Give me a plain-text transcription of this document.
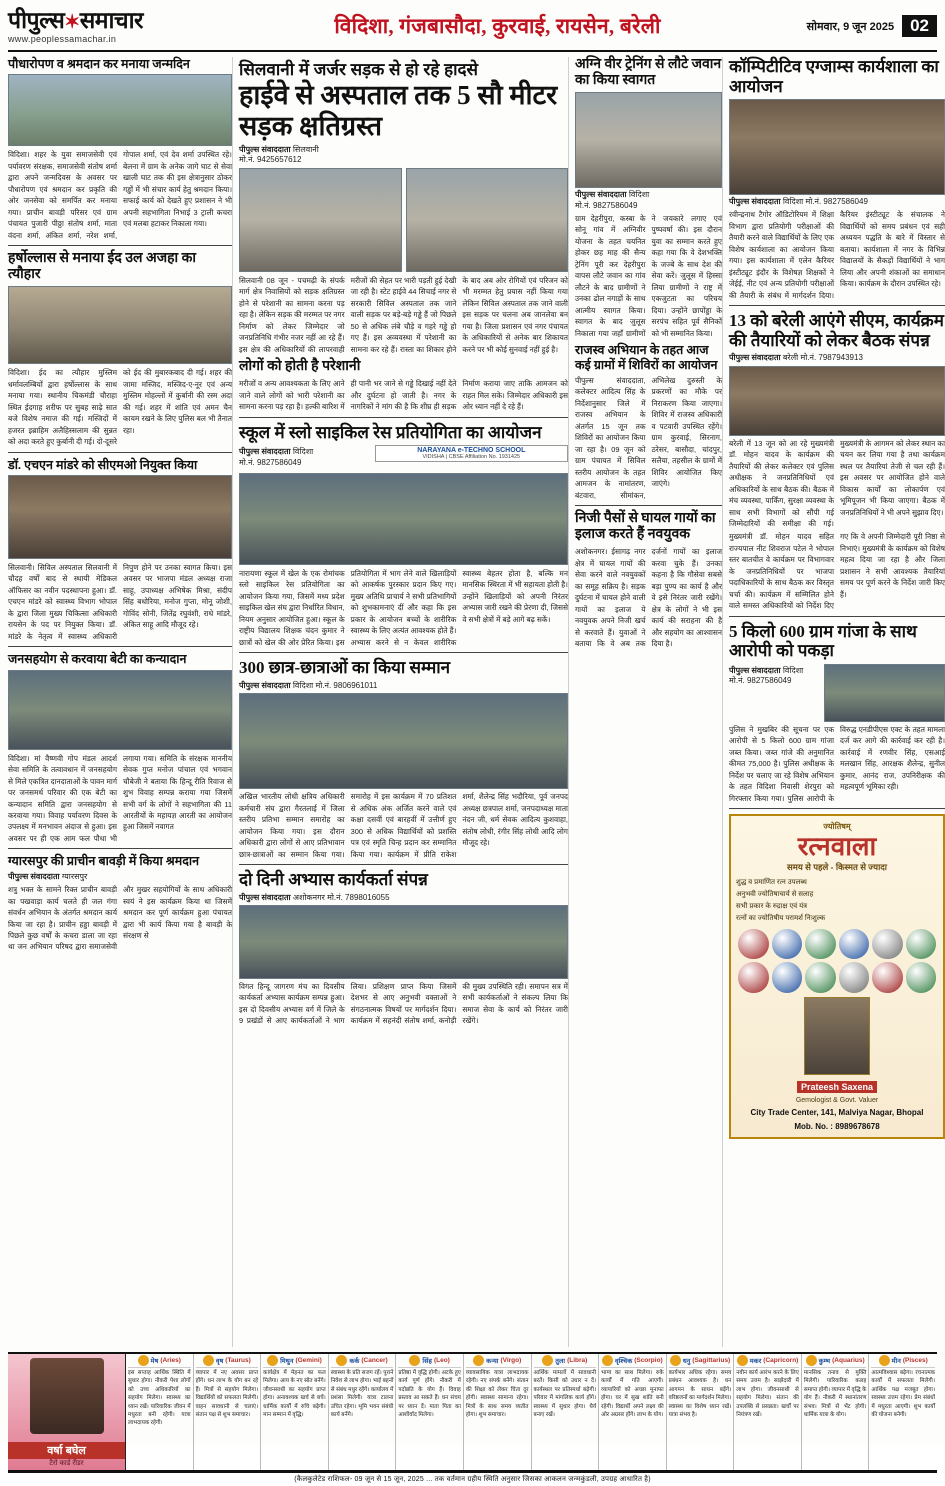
पीपुल्स✶समाचार
www.peoplessamachar.in
विदिशा, गंजबासौदा, कुरवाई, रायसेन, बरेली	सोमवार, 9 जून 2025 02
पौधारोपण व श्रमदान कर मनाया जन्मदिन
विदिशा। शहर के युवा समाजसेवी एवं पर्यावरण संरक्षक, समाजसेवी संतोष शर्मा द्वारा अपने जन्मदिवस के अवसर पर पौधारोपण एवं श्रमदान कर प्रकृति की ओर जनसेवा को समर्पित कर मनाया गया। प्राचीन बावड़ी परिसर एवं ग्राम पंचायत पुजारी पीठ्ठा संतोष शर्मा, माता वंदना शर्मा, अंकित शर्मा, नरेश शर्मा, गोपाल शर्मा, एवं देव शर्मा उपस्थित रहे। बेलना में ग्राम के अनेक जागे घाट से सेवा खाली घाट तक की इस क्षेत्रानुसार ठोकर गड्ढों में भी संचार कार्य हेतु श्रमदान किया। सफाई कार्य को देखते हुए प्रशासन ने भी अपनी सहभागिता निभाई 3 ट्राली कचरा एवं मलबा हटाकर निकाला गया।
हर्षोल्लास से मनाया ईद उल अजहा का त्यौहार
विदिशा। ईद का त्यौहार मुस्लिम धर्मावलम्बियों द्वारा हर्षोल्लास के साथ मनाया गया। स्थानीय चिकमंडी चौराहा स्थित ईदगाह शरीफ पर सुबह साढ़े सात बजे विशेष नमाज की गई। मस्जिदों में हजरत इब्राहिम अलैहिस्सलाम की सुन्नत को अदा करते हुए कुर्बानी दी गई। दो-दूसरे को ईद की मुबारकबाद दी गई। शहर की जामा मस्जिद, मस्जिद-ए-नूर एवं अन्य मुस्लिम मोहल्लों में कुर्बानी की रस्म अदा की गई। शहर में शांति एवं अमन चैन कायम रखने के लिए पुलिस बल भी तैनात रहा।
डॉ. एचएन मांडरे को सीएमओ नियुक्त किया
सिलवानी। सिविल अस्पताल सिलवानी में चौदह वर्षों बाद से स्थायी मेडिकल ऑफिसर का नवीन पदस्थापना हुआ। डॉ. एचएन मांडरे को स्वास्थ्य विभाग भोपाल के द्वारा जिला मुख्य चिकित्सा अधिकारी रायसेन के पद पर नियुक्त किया। डॉ. मांडरे के नेतृत्व में स्वास्थ्य अधिकारी निपुण होने पर उनका स्वागत किया। इस अवसर पर भाजपा मंडल अध्यक्ष राजा साहू, उपाध्यक्ष अभिषेक मिश्रा, संदीप सिंह बधोरिया, मनोज गुप्ता, मोनू जोशी, गोविंद सोनी, जितेंद्र रघुवंशी, राधे मांडरे, अंकित साहू आदि मौजूद रहे।
जनसहयोग से करवाया बेटी का कन्यादान
विदिशा। मां वैष्णवी गोप मंडल आदर्श सेवा समिति के तत्वावधान में जनसहयोग से मिले एकत्रित दानदाताओं के पावन मार्ग पर जनसमर्थ परिवार की एक बेटी का कन्यादान समिति द्वारा जनसहयोग से करवाया गया। विवाह पर्यावरण दिवस के उपलक्ष्य में मनभावन अंदाज से हुआ। इस अवसर पर ही एक आम फल पौधा भी लगाया गया। समिति के संरक्षक माननीय सेवक गुप्त मनोज पांचाल एवं भगवान चौबेजी ने बताया कि हिन्दू रीति रिवाज से शुभ विवाह सम्पन्न कराया गया जिसमें सभी वर्ग के लोगों ने सहभागिता की 11 आरतीयों के महायज्ञ आरती का आयोजन हुआ जिसमें नवागत
ग्यारसपुर की प्राचीन बावड़ी में किया श्रमदान
पीपुल्स संवाददाता ग्यारसपुर
शत्रु भक्त के सामने रिक्त प्राचीन बावड़ी का पखवाड़ा कार्य चलते ही जल गंगा संवर्धन अभियान के अंतर्गत श्रमदान कार्य किया जा रहा है। प्राचीन हड्डा बावड़ी में पिछले कुछ वर्षों के कचरा डाला जा रहा था जन अभियान परिषद द्वारा समाजसेवी और मुखर सहयोगियों के साथ अधिकारी स्वयं ने इस कार्यक्रम किया था जिसमें श्रमदान कर पूर्ण कार्यक्रम हुआ पंचायत द्वारा भी कार्य किया गया है बावड़ी के संरक्षण से
सिलवानी में जर्जर सड़क से हो रहे हादसे
हाईवे से अस्पताल तक 5 सौ मीटर सड़क क्षतिग्रस्त
पीपुल्स संवाददाता सिलवानी
मो.नं. 9425657612
सिलवानी 08 जून - पचमढ़ी के संपर्क मार्ग क्षेत्र निवासियों को सड़क क्षतिग्रस्त होने से परेशानी का सामना करना पड़ रहा है। लेकिन सड़क की मरम्मत पर नगर निर्माण को लेकर जिम्मेदार जो जनप्रतिनिधि गंभीर नजर नहीं आ रहे हैं। इस क्षेत्र की अधिकारियों की लापरवाही मरीजों की सेहत पर भारी पड़ती हुई देखी जा रही है। स्टेट हाईवे 44 सिचाई नगर से सरकारी सिविल अस्पताल तक जाने वाली सड़क पर बड़े-बड़े गड्ढे हैं जो पिछले 50 से अधिक लंबे चौड़े व गहरे गड्ढे हो गए हैं। इस अव्यवस्था में परेशानी का सामना कर रहे हैं। रास्ता का शिकार होने के बाद अब ओर रोगियों एवं परिजन को भी मरम्मत हेतु प्रयास नहीं किया गया लेकिन सिविल अस्पताल तक जाने वाली इस सड़क पर चलना अब जानलेवा बन गया है। जिला प्रशासन एवं नगर पंचायत के अधिकारियों से अनेक बार शिकायत करने पर भी कोई सुनवाई नहीं हुई है।
लोगों को होती है परेशानी
मरीजों व अन्य आवश्यकता के लिए आने जाने वाले लोगों को भारी परेशानी का सामना करना पड़ रहा है। हल्की बारिश में ही पानी भर जाने से गड्ढे दिखाई नहीं देते और दुर्घटना हो जाती है। नगर के नागरिकों ने मांग की है कि शीघ्र ही सड़क निर्माण कराया जाए ताकि आमजन को राहत मिल सके। जिम्मेदार अधिकारी इस ओर ध्यान नहीं दे रहे हैं।
स्कूल में स्लो साइकिल रेस प्रतियोगिता का आयोजन
पीपुल्स संवाददाता विदिशा
मो.नं. 9827586049
NARAYANA e-TECHNO SCHOOL
VIDISHA | CBSE Affiliation No. 1931425
नारायणा स्कूल में खेल के एक रोमांचक स्लो साइकिल रेस प्रतियोगिता का आयोजन किया गया, जिसमें मध्य प्रदेश साइकिल खेल संघ द्वारा निर्धारित विधान, नियम अनुसार आयोजित हुआ। स्कूल के राष्ट्रीय विद्यालय शिक्षक चंदन कुमार ने छात्रों को खेल की ओर प्रेरित किया। इस प्रतियोगिता में भाग लेने वाले खिलाड़ियों को आकर्षक पुरस्कार प्रदान किए गए। मुख्य अतिथि प्राचार्य ने सभी प्रतिभागियों को शुभकामनाएं दीं और कहा कि इस प्रकार के आयोजन बच्चों के शारीरिक स्वास्थ्य के लिए अत्यंत आवश्यक होते हैं। अभ्यास करने से न केवल शारीरिक स्वास्थ्य बेहतर होता है, बल्कि मन मानसिक स्थिरता में भी सहायता होती है। उन्होंने खिलाड़ियों को अपनी निरंतर अभ्यास जारी रखने की प्रेरणा दी, जिससे वे सभी क्षेत्रों में बड़े आगे बढ़ सकें।
300 छात्र-छात्राओं का किया सम्मान
पीपुल्स संवाददाता विदिशा मो.नं. 9806961011
अखिल भारतीय लोधी क्षत्रिय अधिकारी कर्मचारी संघ द्वारा गैरतलाई में जिला स्तरीय प्रतिभा सम्मान समारोह का आयोजन किया गया। इस दौरान अधिकारी द्वारा लोगों से आए प्रतिभावान छात्र-छात्राओं का सम्मान किया गया। समारोह में इस कार्यक्रम में 70 प्रतिशत से अधिक अंक अर्जित करने वाले एवं कक्षा दसवीं एवं बारहवीं में उत्तीर्ण हुए 300 से अधिक विद्यार्थियों को प्रशस्ति पत्र एवं स्मृति चिन्ह प्रदान कर सम्मानित किया गया। कार्यक्रम में प्रीति राकेश शर्मा, शैलेन्द्र सिंह भदौरिया, पूर्व जनपद अध्यक्ष छत्रपाल शर्मा, जनपदाध्यक्ष माता नंदन जी, धर्म सेवक आदित्य कुशवाहा, संतोष लोधी, रंगीर सिंह लोधी आदि लोग मौजूद रहे।
दो दिनी अभ्यास कार्यकर्ता संपन्न
पीपुल्स संवाददाता अशोकनगर मो.नं. 7898016055
विगत हिन्दू जागरण मंच का दिवसीय कार्यकर्ता अभ्यास कार्यक्रम सम्पन्न हुआ। इस दो दिवसीय अभ्यास वर्ग में जिले के 9 प्रखंडों से आए कार्यकर्ताओं ने भाग लिया। प्रशिक्षण प्राप्त किया जिसमें देशभर से आए अनुभवी वक्ताओं ने संगठनात्मक विषयों पर मार्गदर्शन दिया। कार्यक्रम में सहनंदी संतोष शर्मा, कनोड़ी की मुख्य उपस्थिति रही। समापन सत्र में सभी कार्यकर्ताओं ने संकल्प लिया कि समाज सेवा के कार्य को निरंतर जारी रखेंगे।
अग्नि वीर ट्रेनिंग से लौटे जवान का किया स्वागत
पीपुल्स संवाददाता विदिशा
मो.नं. 9827586049
ग्राम देहरीपुरा, कस्बा के सोनू गांव में अग्निवीर योजना के तहत चयनित होकर छह माह की सैन्य ट्रेनिंग पूरी कर देहरीपुरा वापस लौटे जवान का गांव लौटने के बाद ग्रामीणों ने उनका ढोल नगाड़ों के साथ आत्मीय स्वागत किया। स्वागत के बाद जुलूस निकाला गया जहाँ ग्रामीणों ने जयकारे लगाए एवं पुष्पवर्षा की। इस दौरान युवा का सम्मान करते हुए कहा गया कि वे देशभक्ति के जज्बे के साथ देश की सेवा करें। जुलूस में हिस्सा लिया ग्रामीणों ने राष्ट्र में एकजुटता का परिचय दिया। उन्होंने छापोंड्डा के सरपंच सहित पूर्व सैनिकों को भी सम्मानित किया।
राजस्व अभियान के तहत आज कई ग्रामों में शिविरों का आयोजन
पीपुल्स संवाददाता, कलेक्टर आदित्य सिंह के निर्देशानुसार जिले में राजस्व अभियान के अंतर्गत 15 जून तक शिविरों का आयोजन किया जा रहा है। 09 जून को ग्राम पंचायत में सिविल स्तरीय आयोजन के तहत आमजन के नामांतरण, बंटवारा, सीमांकन, अभिलेख दुरुस्ती के प्रकरणों का मौके पर निराकरण किया जाएगा। शिविर में राजस्व अधिकारी व पटवारी उपस्थित रहेंगे। ग्राम कुरवाई, सिरनाग, ठरेसर, बासौदा, चांदपुर, सलैया, तहसील के ग्रामों में शिविर आयोजित किए जाएंगे।
निजी पैसों से घायल गायों का इलाज करते हैं नवयुवक
अशोकनगर। ईसागढ़ नगर क्षेत्र में घायल गायों की सेवा करने वाले नवयुवकों का समूह सक्रिय है। सड़क दुर्घटना में घायल होने वाली गायों का इलाज ये नवयुवक अपने निजी खर्च से करवाते हैं। युवाओं ने बताया कि वे अब तक दर्जनों गायों का इलाज करवा चुके हैं। उनका कहना है कि गौसेवा सबसे बड़ा पुण्य का कार्य है और वे इसे निरंतर जारी रखेंगे। क्षेत्र के लोगों ने भी इस कार्य की सराहना की है और सहयोग का आश्वासन दिया है।
कॉम्पिटीटिव एग्जाम्स कार्यशाला का आयोजन
पीपुल्स संवाददाता विदिशा मो.नं. 9827586049
रवीन्द्रनाथ टैगोर ऑडिटोरियम में शिक्षा विभाग द्वारा प्रतियोगी परीक्षाओं की तैयारी करने वाले विद्यार्थियों के लिए एक विशेष कार्यशाला का आयोजन किया गया। इस कार्यशाला में एलेन कैरियर इंस्टीट्यूट इंदौर के विशेषज्ञ शिक्षकों ने जेईई, नीट एवं अन्य प्रतियोगी परीक्षाओं की तैयारी के संबंध में मार्गदर्शन दिया। कैरियर इंस्टीट्यूट के संचालक ने विद्यार्थियों को समय प्रबंधन एवं सही अध्ययन पद्धति के बारे में विस्तार से बताया। कार्यशाला में नगर के विभिन्न विद्यालयों के सैकड़ों विद्यार्थियों ने भाग लिया और अपनी शंकाओं का समाधान किया। कार्यक्रम के दौरान उपस्थित रहे।
13 को बरेली आएंगे सीएम, कार्यक्रम की तैयारियों को लेकर बैठक संपन्न
पीपुल्स संवाददाता बरेली मो.नं. 7987943913
बरेली में 13 जून को आ रहे मुख्यमंत्री डॉ. मोहन यादव के कार्यक्रम की तैयारियों की लेकर कलेक्टर एवं पुलिस अधीक्षक ने जनप्रतिनिधियों एवं अधिकारियों के साथ बैठक की। बैठक में मंच व्यवस्था, पार्किंग, सुरक्षा व्यवस्था के साथ सभी विभागों को सौंपी गई जिम्मेदारियों की समीक्षा की गई। मुख्यमंत्री के आगमन को लेकर स्थान का चयन कर लिया गया है तथा कार्यक्रम स्थल पर तैयारियां तेजी से चल रही हैं। इस अवसर पर आयोजित होने वाले विकास कार्यों का लोकार्पण एवं भूमिपूजन भी किया जाएगा। बैठक में जनप्रतिनिधियों ने भी अपने सुझाव दिए।
मुख्यमंत्री डॉ. मोहन यादव सहित राज्यपाल नीट शिवराज पटेल ने भोपाल स्तर बातचीत वे कार्यक्रम पर विभागवार के जनप्रतिनिधियों पर भाजपा पदाधिकारियों के साथ बैठक कर विस्तृत चर्चा की। कार्यक्रम में सम्मिलित होने वाले समस्त अधिकारियों को निर्देश दिए गए कि वे अपनी जिम्मेदारी पूरी निष्ठा से निभाएं। मुख्यमंत्री के कार्यक्रम को विशेष महत्व दिया जा रहा है और जिला प्रशासन ने सभी आवश्यक तैयारियां समय पर पूर्ण करने के निर्देश जारी किए हैं।
5 किलो 600 ग्राम गांजा के साथ आरोपी को पकड़ा
पीपुल्स संवाददाता विदिशा
मो.नं. 9827586049
पुलिस ने मुखबिर की सूचना पर एक आरोपी से 5 किलो 600 ग्राम गांजा जब्त किया। जब्त गांजे की अनुमानित कीमत 75,000 है। पुलिस अधीक्षक के निर्देश पर चलाए जा रहे विशेष अभियान के तहत विदिशा निवासी शेरपुरा को गिरफ्तार किया गया। पुलिस आरोपी के विरुद्ध एनडीपीएस एक्ट के तहत मामला दर्ज कर आगे की कार्रवाई कर रही है। कार्रवाई में रणवीर सिंह, एसआई मलखान सिंह, आरक्षक शैलेन्द्र, सुनील कुमार, आनंद राज, उपनिरीक्षक की महत्वपूर्ण भूमिका रही।
ज्योतिषम्
रत्नवाला
समय से पहले - किस्मत से ज्यादा
शुद्ध व प्रमाणित रत्न उपलब्ध
अनुभवी ज्योतिषाचार्य से सलाह
सभी प्रकार के रुद्राक्ष एवं यंत्र
रत्नों का ज्योतिषीय परामर्श निःशुल्क
Prateesh Saxena
Gemologist & Govt. Valuer
City Trade Center, 141, Malviya Nagar, Bhopal
Mob. No. : 8989678678
वर्षा बघेल
टैरो कार्ड रीडर
मेष (Aries)
इस सप्ताह आर्थिक स्थिति में सुधार होगा। नौकरी पेशा लोगों को उच्च अधिकारियों का सहयोग मिलेगा। स्वास्थ्य का ध्यान रखें। पारिवारिक जीवन में मधुरता बनी रहेगी। यात्रा लाभदायक रहेगी।
वृष (Taurus)
व्यापार में नए अवसर प्राप्त होंगे। धन लाभ के योग बन रहे हैं। मित्रों से सहयोग मिलेगा। विद्यार्थियों को सफलता मिलेगी। वाहन सावधानी से चलाएं। संतान पक्ष से शुभ समाचार।
मिथुन (Gemini)
कार्यक्षेत्र में मेहनत का फल मिलेगा। आय के नए स्रोत बनेंगे। जीवनसाथी का सहयोग प्राप्त होगा। अनावश्यक खर्च से बचें। धार्मिक कार्यों में रुचि बढ़ेगी। मान सम्मान में वृद्धि।
कर्क (Cancer)
स्वास्थ्य के प्रति सजग रहें। पुराने निवेश से लाभ होगा। भाई बहनों से संबंध मधुर रहेंगे। कार्यालय में प्रशंसा मिलेगी। यात्रा टालना उचित रहेगा। भूमि भवन संबंधी कार्य बनेंगे।
सिंह (Leo)
प्रतिष्ठा में वृद्धि होगी। अटके हुए कार्य पूर्ण होंगे। नौकरी में पदोन्नति के योग हैं। विवाह प्रस्ताव आ सकते हैं। धन संचय पर ध्यान दें। माता पिता का आशीर्वाद मिलेगा।
कन्या (Virgo)
व्यावसायिक यात्रा लाभदायक रहेगी। नए संपर्क बनेंगे। संतान की शिक्षा को लेकर चिंता दूर होगी। स्वास्थ्य सामान्य रहेगा। मित्रों के साथ समय व्यतीत होगा। शुभ समाचार।
तुला (Libra)
आर्थिक मामलों में सावधानी बरतें। किसी को उधार न दें। कार्यस्थल पर प्रतिस्पर्धा बढ़ेगी। परिवार में मांगलिक कार्य होंगे। स्वास्थ्य में सुधार होगा। धैर्य बनाए रखें।
वृश्चिक (Scorpio)
भाग्य का साथ मिलेगा। रुके कार्यों में गति आएगी। व्यापारियों को अच्छा मुनाफा होगा। घर में सुख शांति बनी रहेगी। विद्यार्थी अपने लक्ष्य की ओर अग्रसर होंगे। लाभ के योग।
धनु (Sagittarius)
कार्यभार अधिक रहेगा। समय प्रबंधन आवश्यक है। धन आगमन के साधन बढ़ेंगे। वरिष्ठजनों का मार्गदर्शन मिलेगा। स्वास्थ्य का विशेष ध्यान रखें। यात्रा संभव है।
मकर (Capricorn)
नवीन कार्य आरंभ करने के लिए समय उत्तम है। साझेदारी में लाभ होगा। जीवनसाथी से सहयोग मिलेगा। संतान की उपलब्धि से प्रसन्नता। खर्चों पर नियंत्रण रखें।
कुम्भ (Aquarius)
मानसिक तनाव से मुक्ति मिलेगी। पारिवारिक कलह समाप्त होगी। व्यापार में वृद्धि के योग हैं। नौकरी में स्थानांतरण संभव। मित्रों से भेंट होगी। धार्मिक यात्रा के योग।
मीन (Pisces)
आत्मविश्वास बढ़ेगा। रचनात्मक कार्यों में सफलता मिलेगी। आर्थिक पक्ष मजबूत होगा। स्वास्थ्य उत्तम रहेगा। प्रेम संबंधों में मधुरता आएगी। शुभ कार्यों की योजना बनेगी।
(कैलकुलेटेड राशिफल- 09 जून से 15 जून, 2025 ... तक वर्तमान ग्रहीय स्थिति अनुसार जिसका आकलन जन्मकुंडली, उपग्रह आधारित है)
